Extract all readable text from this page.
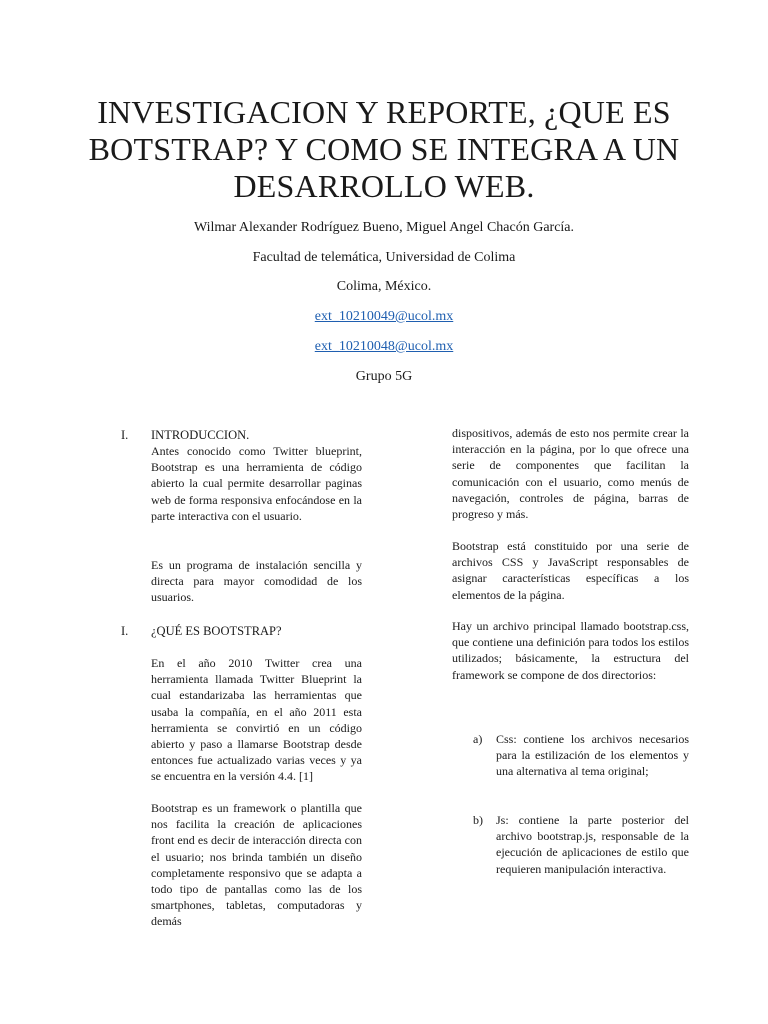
INVESTIGACION Y REPORTE, ¿QUE ES BOTSTRAP? Y COMO SE INTEGRA A UN DESARROLLO WEB.
Wilmar Alexander Rodríguez Bueno, Miguel Angel Chacón García.
Facultad de telemática, Universidad de Colima
Colima, México.
ext_10210049@ucol.mx
ext_10210048@ucol.mx
Grupo 5G
I. INTRODUCCION.

Antes conocido como Twitter blueprint, Bootstrap es una herramienta de código abierto la cual permite desarrollar paginas web de forma responsiva enfocándose en la parte interactiva con el usuario.

Es un programa de instalación sencilla y directa para mayor comodidad de los usuarios.

I. ¿QUÉ ES BOOTSTRAP?

En el año 2010 Twitter crea una herramienta llamada Twitter Blueprint la cual estandarizaba las herramientas que usaba la compañía, en el año 2011 esta herramienta se convirtió en un código abierto y paso a llamarse Bootstrap desde entonces fue actualizado varias veces y ya se encuentra en la versión 4.4. [1]

Bootstrap es un framework o plantilla que nos facilita la creación de aplicaciones front end es decir de interacción directa con el usuario; nos brinda también un diseño completamente responsivo que se adapta a todo tipo de pantallas como las de los smartphones, tabletas, computadoras y demás

dispositivos, además de esto nos permite crear la interacción en la página, por lo que ofrece una serie de componentes que facilitan la comunicación con el usuario, como menús de navegación, controles de página, barras de progreso y más.

Bootstrap está constituido por una serie de archivos CSS y JavaScript responsables de asignar características específicas a los elementos de la página.

Hay un archivo principal llamado bootstrap.css, que contiene una definición para todos los estilos utilizados; básicamente, la estructura del framework se compone de dos directorios:

a) Css: contiene los archivos necesarios para la estilización de los elementos y una alternativa al tema original;

b) Js: contiene la parte posterior del archivo bootstrap.js, responsable de la ejecución de aplicaciones de estilo que requieren manipulación interactiva.
